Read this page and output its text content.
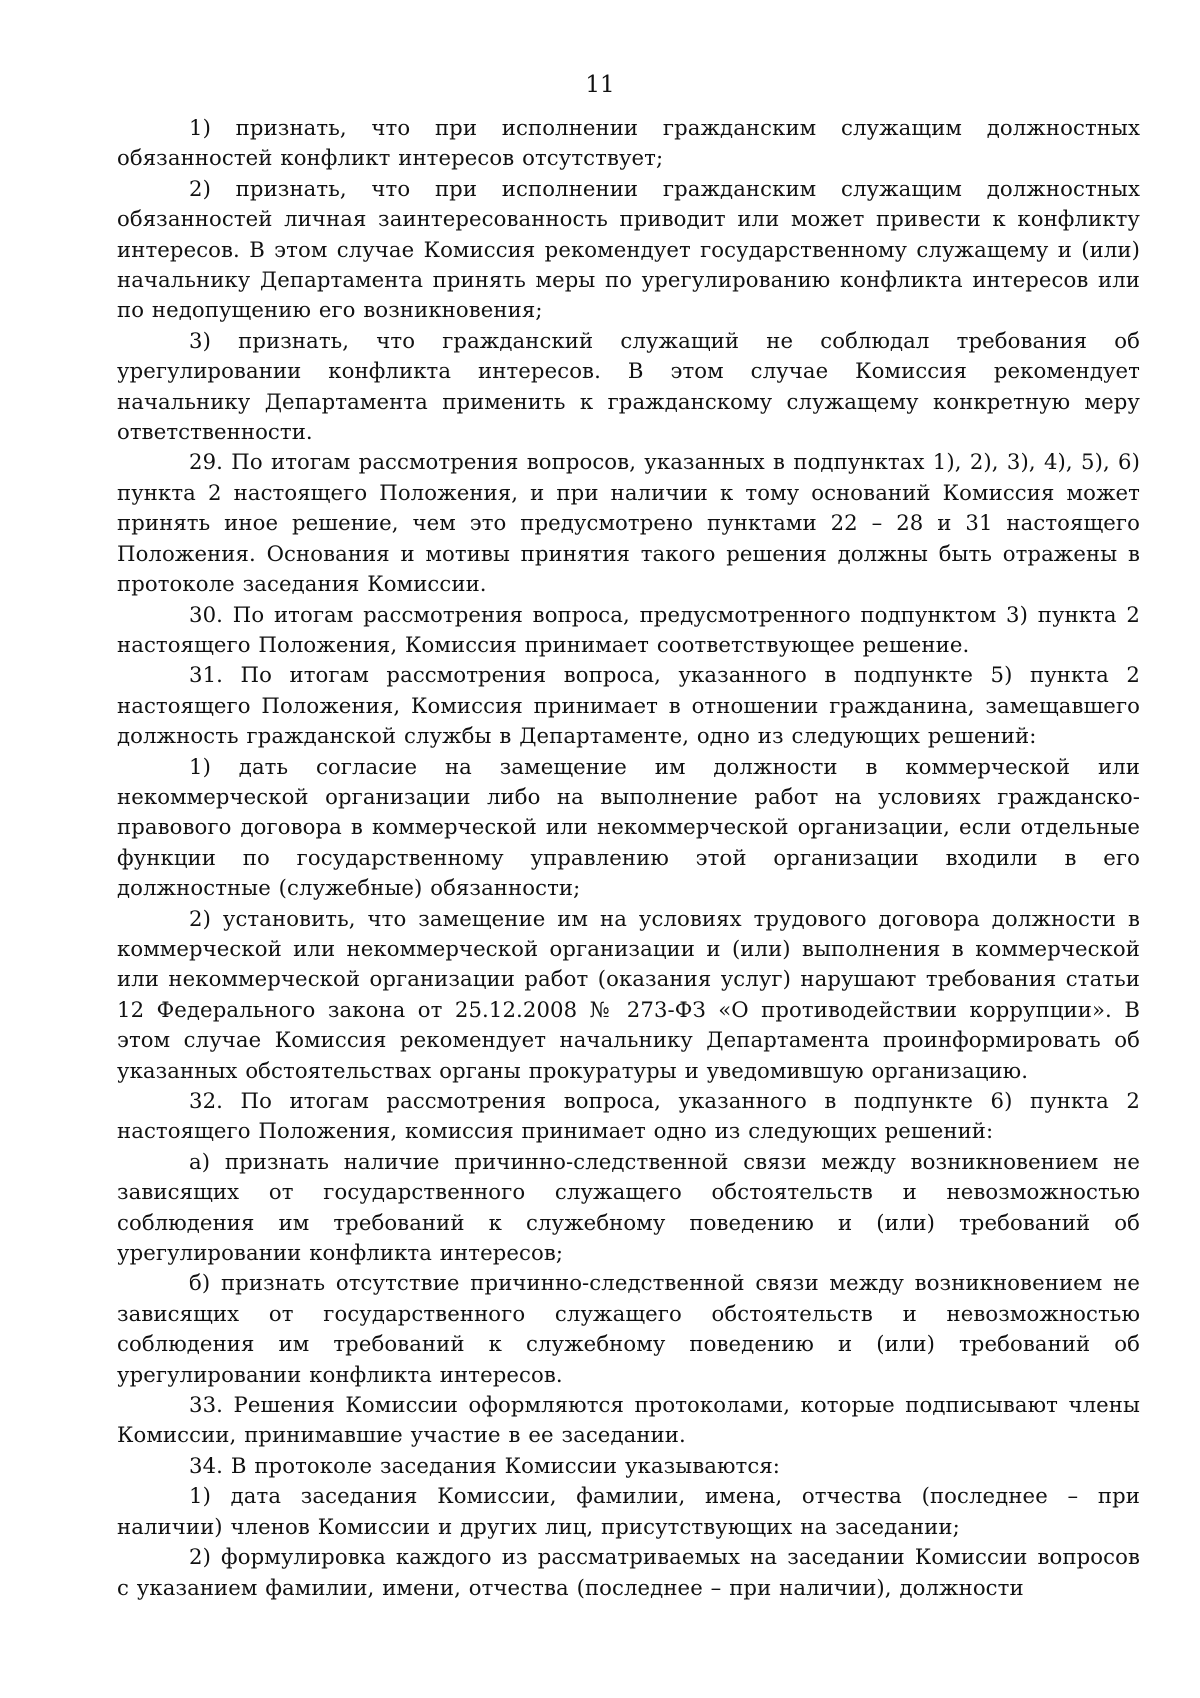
11

1) признать, что при исполнении гражданским служащим должностных обязанностей конфликт интересов отсутствует;

2) признать, что при исполнении гражданским служащим должностных обязанностей личная заинтересованность приводит или может привести к конфликту интересов. В этом случае Комиссия рекомендует государственному служащему и (или) начальнику Департамента принять меры по урегулированию конфликта интересов или по недопущению его возникновения;

3) признать, что гражданский служащий не соблюдал требования об урегулировании конфликта интересов. В этом случае Комиссия рекомендует начальнику Департамента применить к гражданскому служащему конкретную меру ответственности.

29. По итогам рассмотрения вопросов, указанных в подпунктах 1), 2), 3), 4), 5), 6) пункта 2 настоящего Положения, и при наличии к тому оснований Комиссия может принять иное решение, чем это предусмотрено пунктами 22 – 28 и 31 настоящего Положения. Основания и мотивы принятия такого решения должны быть отражены в протоколе заседания Комиссии.

30. По итогам рассмотрения вопроса, предусмотренного подпунктом 3) пункта 2 настоящего Положения, Комиссия принимает соответствующее решение.

31. По итогам рассмотрения вопроса, указанного в подпункте 5) пункта 2 настоящего Положения, Комиссия принимает в отношении гражданина, замещавшего должность гражданской службы в Департаменте, одно из следующих решений:

1) дать согласие на замещение им должности в коммерческой или некоммерческой организации либо на выполнение работ на условиях гражданско-правового договора в коммерческой или некоммерческой организации, если отдельные функции по государственному управлению этой организации входили в его должностные (служебные) обязанности;

2) установить, что замещение им на условиях трудового договора должности в коммерческой или некоммерческой организации и (или) выполнения в коммерческой или некоммерческой организации работ (оказания услуг) нарушают требования статьи 12 Федерального закона от 25.12.2008 № 273-ФЗ «О противодействии коррупции». В этом случае Комиссия рекомендует начальнику Департамента проинформировать об указанных обстоятельствах органы прокуратуры и уведомившую организацию.

32. По итогам рассмотрения вопроса, указанного в подпункте 6) пункта 2 настоящего Положения, комиссия принимает одно из следующих решений:

а) признать наличие причинно-следственной связи между возникновением не зависящих от государственного служащего обстоятельств и невозможностью соблюдения им требований к служебному поведению и (или) требований об урегулировании конфликта интересов;

б) признать отсутствие причинно-следственной связи между возникновением не зависящих от государственного служащего обстоятельств и невозможностью соблюдения им требований к служебному поведению и (или) требований об урегулировании конфликта интересов.

33. Решения Комиссии оформляются протоколами, которые подписывают члены Комиссии, принимавшие участие в ее заседании.

34. В протоколе заседания Комиссии указываются:

1) дата заседания Комиссии, фамилии, имена, отчества (последнее – при наличии) членов Комиссии и других лиц, присутствующих на заседании;

2) формулировка каждого из рассматриваемых на заседании Комиссии вопросов с указанием фамилии, имени, отчества (последнее – при наличии), должности
